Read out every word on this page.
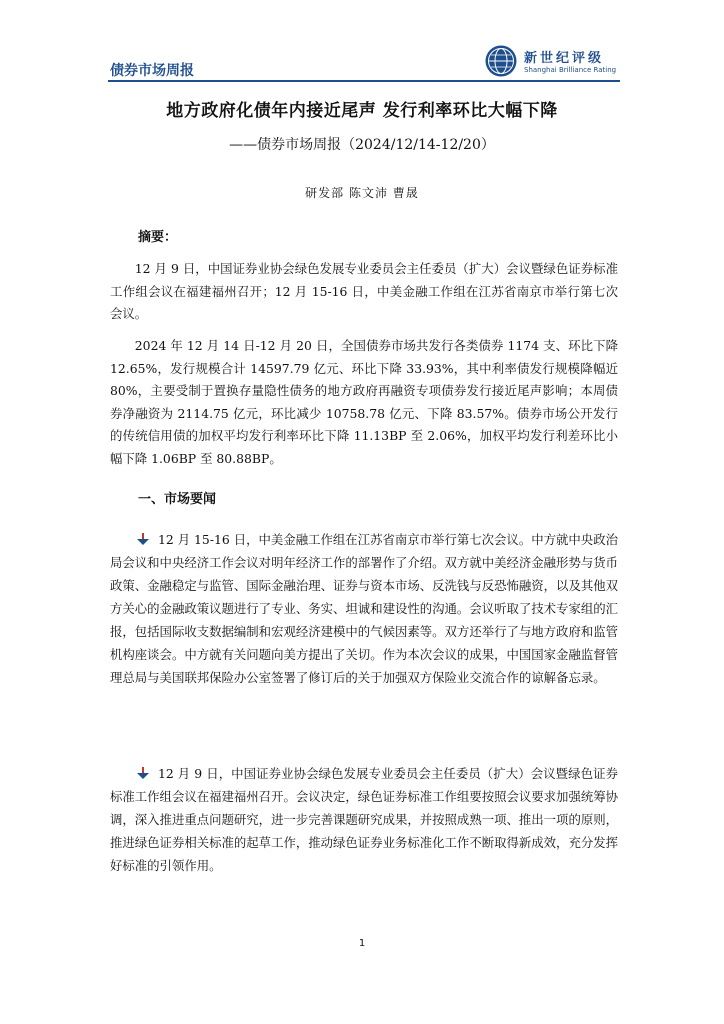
债券市场周报
新世纪评级
Shanghai Brilliance Rating
地方政府化债年内接近尾声 发行利率环比大幅下降
——债券市场周报（2024/12/14-12/20）
研发部 陈文沛 曹晟
摘要：

12 月 9 日，中国证券业协会绿色发展专业委员会主任委员（扩大）会议暨绿色证券标准工作组会议在福建福州召开；12 月 15-16 日，中美金融工作组在江苏省南京市举行第七次会议。

2024 年 12 月 14 日-12 月 20 日，全国债券市场共发行各类债券 1174 支、环比下降 12.65%，发行规模合计 14597.79 亿元、环比下降 33.93%，其中利率债发行规模降幅近 80%，主要受制于置换存量隐性债务的地方政府再融资专项债券发行接近尾声影响；本周债券净融资为 2114.75 亿元，环比减少 10758.78 亿元、下降 83.57%。债券市场公开发行的传统信用债的加权平均发行利率环比下降 11.13BP 至 2.06%，加权平均发行利差环比小幅下降 1.06BP 至 80.88BP。

一、市场要闻

12 月 15-16 日，中美金融工作组在江苏省南京市举行第七次会议。中方就中央政治局会议和中央经济工作会议对明年经济工作的部署作了介绍。双方就中美经济金融形势与货币政策、金融稳定与监管、国际金融治理、证券与资本市场、反洗钱与反恐怖融资，以及其他双方关心的金融政策议题进行了专业、务实、坦诚和建设性的沟通。会议听取了技术专家组的汇报，包括国际收支数据编制和宏观经济建模中的气候因素等。双方还举行了与地方政府和监管机构座谈会。中方就有关问题向美方提出了关切。作为本次会议的成果，中国国家金融监督管理总局与美国联邦保险办公室签署了修订后的关于加强双方保险业交流合作的谅解备忘录。

12 月 9 日，中国证券业协会绿色发展专业委员会主任委员（扩大）会议暨绿色证券标准工作组会议在福建福州召开。会议决定，绿色证券标准工作组要按照会议要求加强统筹协调，深入推进重点问题研究，进一步完善课题研究成果，并按照成熟一项、推出一项的原则，推进绿色证券相关标准的起草工作，推动绿色证券业务标准化工作不断取得新成效，充分发挥好标准的引领作用。

1
